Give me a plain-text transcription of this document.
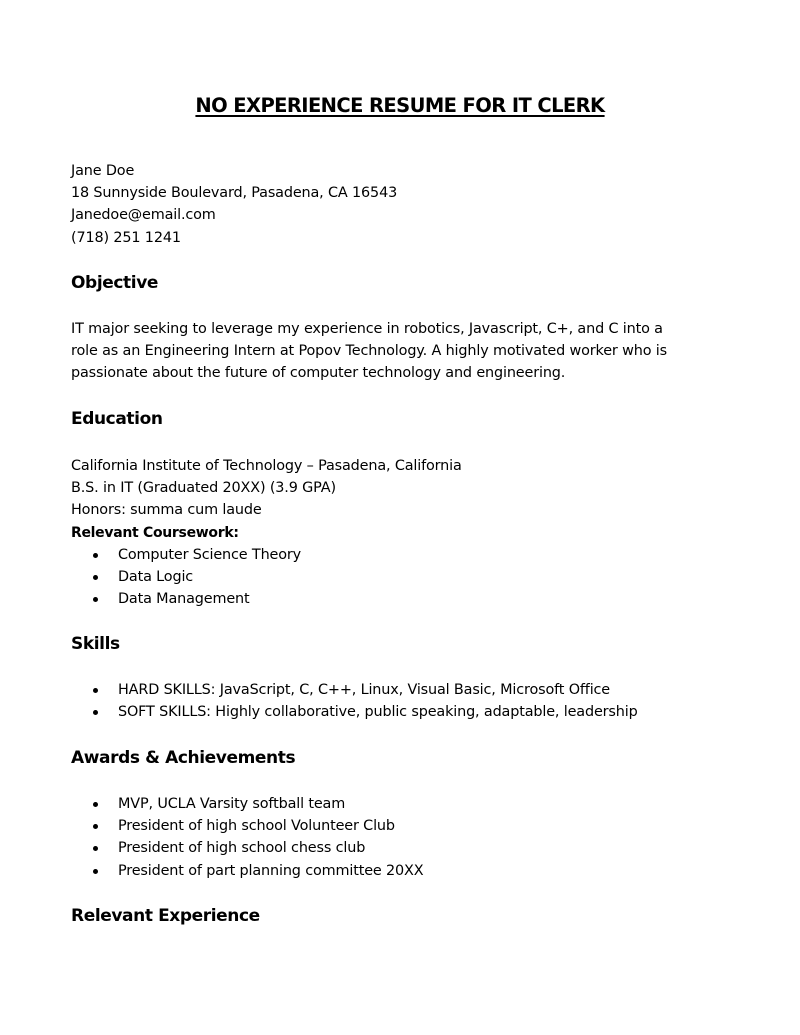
NO EXPERIENCE RESUME FOR IT CLERK
Jane Doe
18 Sunnyside Boulevard, Pasadena, CA 16543
Janedoe@email.com
(718) 251 1241
Objective
IT major seeking to leverage my experience in robotics, Javascript, C+, and C into a
role as an Engineering Intern at Popov Technology. A highly motivated worker who is
passionate about the future of computer technology and engineering.
Education
California Institute of Technology – Pasadena, California
B.S. in IT (Graduated 20XX) (3.9 GPA)
Honors: summa cum laude
Relevant Coursework:
Computer Science Theory
Data Logic
Data Management
Skills
HARD SKILLS: JavaScript, C, C++, Linux, Visual Basic, Microsoft Office
SOFT SKILLS: Highly collaborative, public speaking, adaptable, leadership
Awards & Achievements
MVP, UCLA Varsity softball team
President of high school Volunteer Club
President of high school chess club
President of part planning committee 20XX
Relevant Experience
